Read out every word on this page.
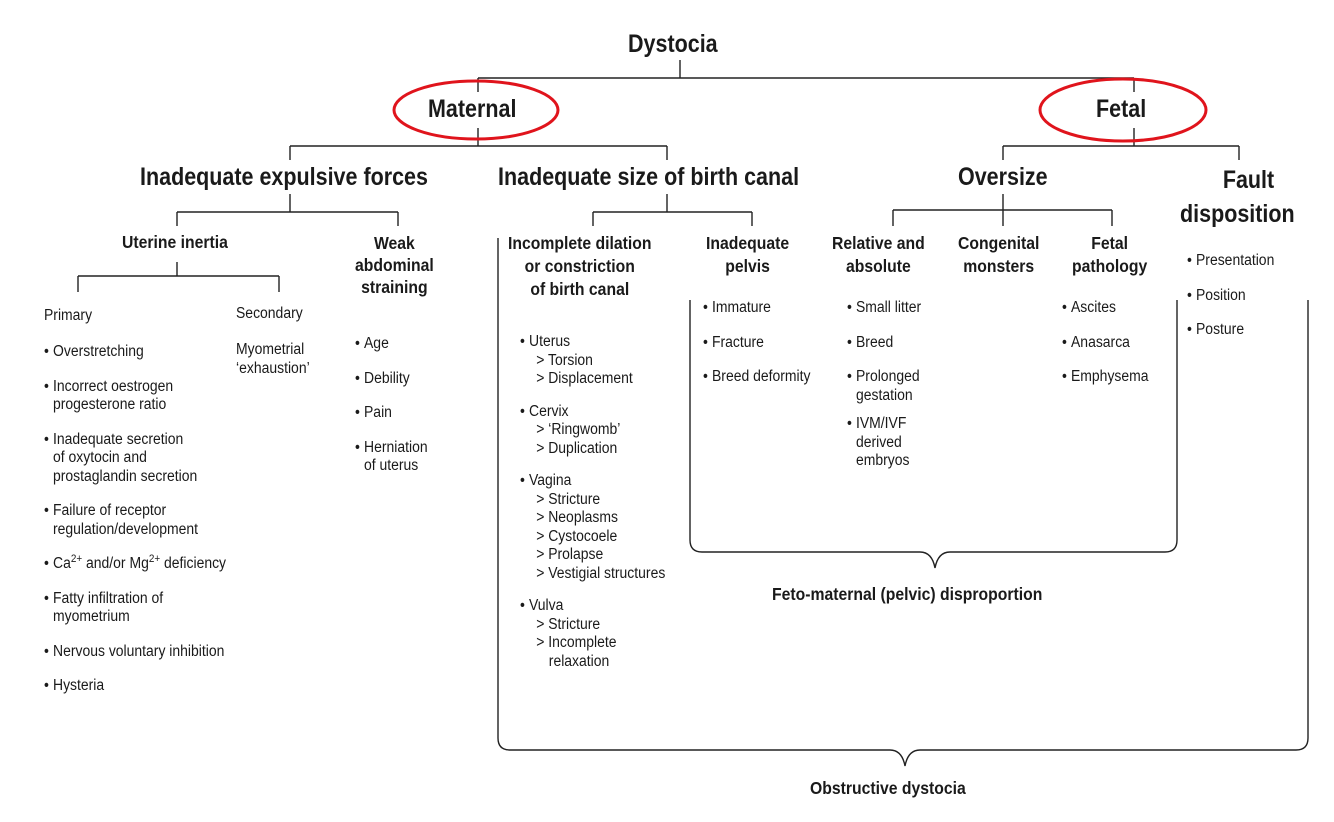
Dystocia
Maternal	Fetal
Inadequate expulsive forces	Inadequate size of birth canal	Oversize	Fault
disposition
Uterine inertia	Weak
abdominal
straining
Incomplete dilation
or constriction
of birth canal
Inadequate
pelvis
Relative and
absolute
Congenital
monsters
Fetal
pathology
Primary	Secondary
Myometrial
‘exhaustion’
• Overstretching
• Incorrect oestrogen
progesterone ratio
• Inadequate secretion
of oxytocin and
prostaglandin secretion
• Failure of receptor
regulation/development
• $Ca^{2+}$ and/or $Mg^{2+}$ deficiency
• Fatty infiltration of
myometrium
• Nervous voluntary inhibition
• Hysteria
• Age
• Debility
• Pain
• Herniation
of uterus
• Uterus
> Torsion
> Displacement
• Cervix
> ‘Ringwomb’
> Duplication
• Vagina
> Stricture
> Neoplasms
> Cystocoele
> Prolapse
> Vestigial structures
• Vulva
> Stricture
> Incomplete
relaxation
• Immature
• Fracture
• Breed deformity
• Small litter
• Breed
• Prolonged
gestation
• IVM/IVF
derived
embryos
• Ascites
• Anasarca
• Emphysema
• Presentation
• Position
• Posture
Feto-maternal (pelvic) disproportion
Obstructive dystocia
